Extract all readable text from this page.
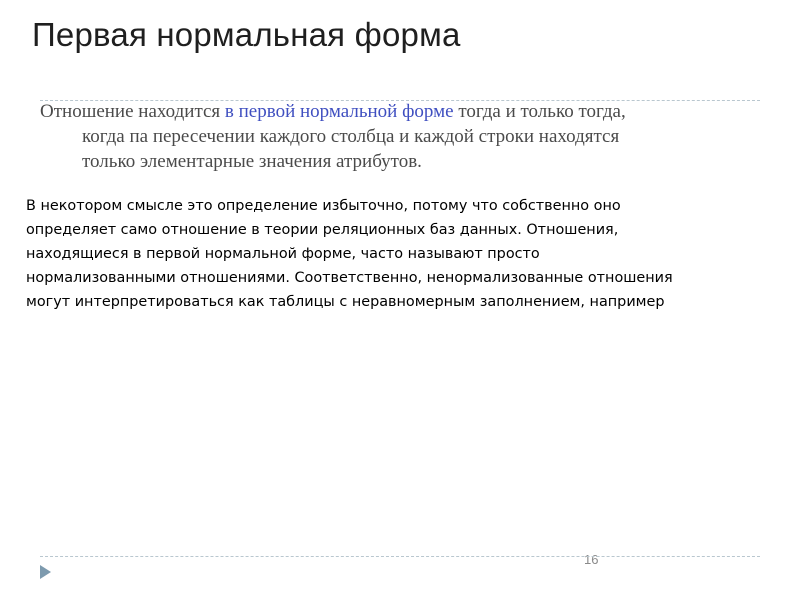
Первая нормальная форма

Отношение находится в первой нормальной форме тогда и только тогда,
когда па пересечении каждого столбца и каждой строки находятся
только элементарные значения атрибутов.

В некотором смысле это определение избыточно, потому что собственно оно
определяет само отношение в теории реляционных баз данных. Отношения,
находящиеся в первой нормальной форме, часто называют просто
нормализованными отношениями. Соответственно, ненормализованные отношения
могут интерпретироваться как таблицы с неравномерным заполнением, например

16
